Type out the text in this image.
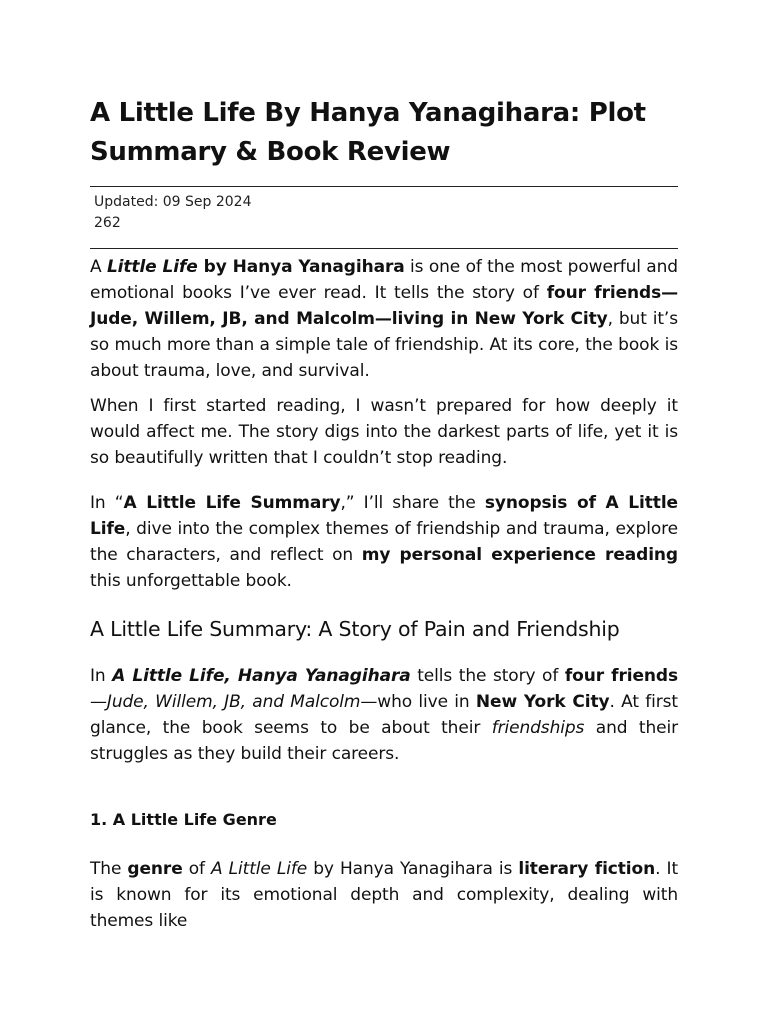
A Little Life By Hanya Yanagihara: Plot Summary & Book Review
Updated: 09 Sep 2024
262

A Little Life by Hanya Yanagihara is one of the most powerful and emotional books I’ve ever read. It tells the story of four friends—Jude, Willem, JB, and Malcolm—living in New York City, but it’s so much more than a simple tale of friendship. At its core, the book is about trauma, love, and survival.

When I first started reading, I wasn’t prepared for how deeply it would affect me. The story digs into the darkest parts of life, yet it is so beautifully written that I couldn’t stop reading.

In “A Little Life Summary,” I’ll share the synopsis of A Little Life, dive into the complex themes of friendship and trauma, explore the characters, and reflect on my personal experience reading this unforgettable book.

A Little Life Summary: A Story of Pain and Friendship

In A Little Life, Hanya Yanagihara tells the story of four friends—Jude, Willem, JB, and Malcolm—who live in New York City. At first glance, the book seems to be about their friendships and their struggles as they build their careers.

1. A Little Life Genre

The genre of A Little Life by Hanya Yanagihara is literary fiction. It is known for its emotional depth and complexity, dealing with themes like
